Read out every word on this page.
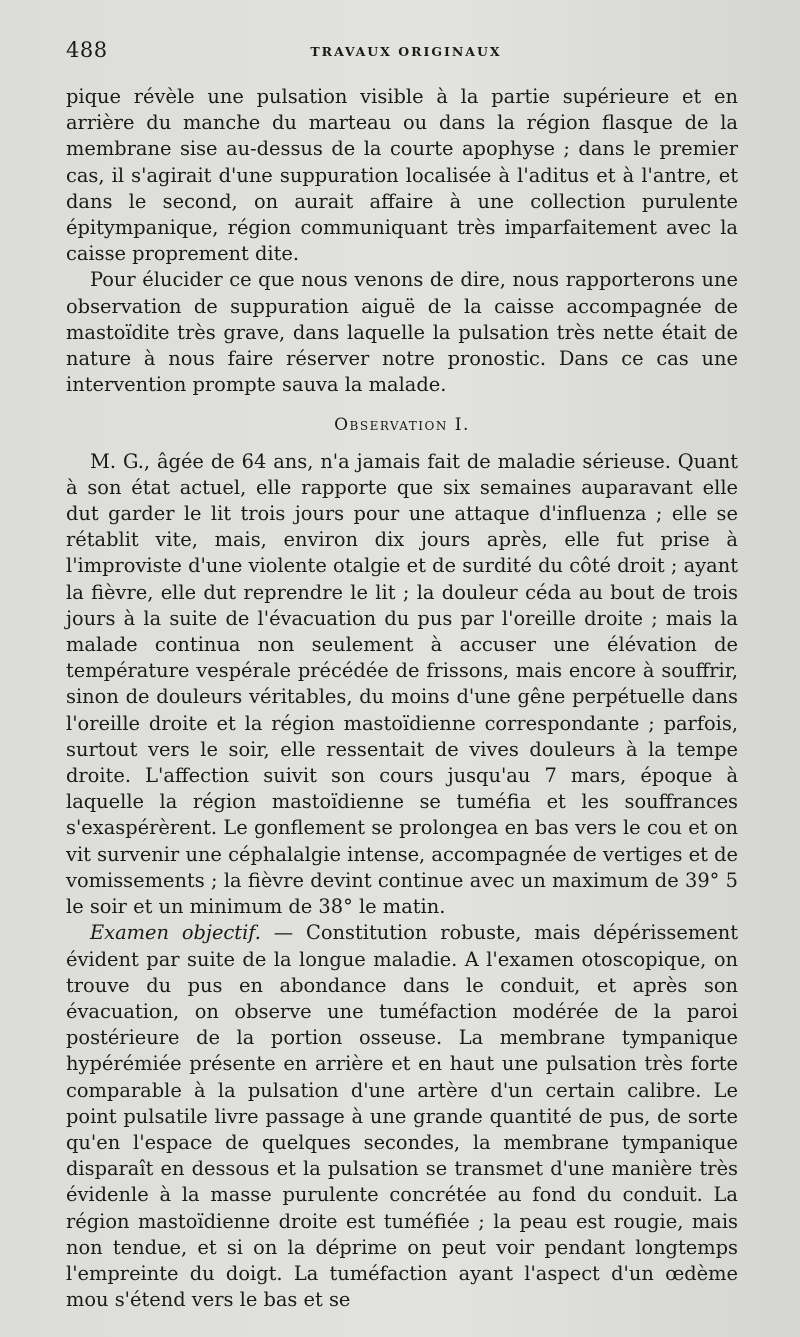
488	TRAVAUX ORIGINAUX

pique révèle une pulsation visible à la partie supérieure et en arrière du manche du marteau ou dans la région flasque de la membrane sise au-dessus de la courte apophyse ; dans le premier cas, il s'agirait d'une suppuration localisée à l'aditus et à l'antre, et dans le second, on aurait affaire à une collection purulente épitympanique, région communiquant très imparfaitement avec la caisse proprement dite.

Pour élucider ce que nous venons de dire, nous rapporterons une observation de suppuration aiguë de la caisse accompagnée de mastoïdite très grave, dans laquelle la pulsation très nette était de nature à nous faire réserver notre pronostic. Dans ce cas une intervention prompte sauva la malade.

Observation I.

M. G., âgée de 64 ans, n'a jamais fait de maladie sérieuse. Quant à son état actuel, elle rapporte que six semaines auparavant elle dut garder le lit trois jours pour une attaque d'influenza ; elle se rétablit vite, mais, environ dix jours après, elle fut prise à l'improviste d'une violente otalgie et de surdité du côté droit ; ayant la fièvre, elle dut reprendre le lit ; la douleur céda au bout de trois jours à la suite de l'évacuation du pus par l'oreille droite ; mais la malade continua non seulement à accuser une élévation de température vespérale précédée de frissons, mais encore à souffrir, sinon de douleurs véritables, du moins d'une gêne perpétuelle dans l'oreille droite et la région mastoïdienne correspondante ; parfois, surtout vers le soir, elle ressentait de vives douleurs à la tempe droite. L'affection suivit son cours jusqu'au 7 mars, époque à laquelle la région mastoïdienne se tuméfia et les souffrances s'exaspérèrent. Le gonflement se prolongea en bas vers le cou et on vit survenir une céphalalgie intense, accompagnée de vertiges et de vomissements ; la fièvre devint continue avec un maximum de 39° 5 le soir et un minimum de 38° le matin.

Examen objectif. — Constitution robuste, mais dépérissement évident par suite de la longue maladie. A l'examen otoscopique, on trouve du pus en abondance dans le conduit, et après son évacuation, on observe une tuméfaction modérée de la paroi postérieure de la portion osseuse. La membrane tympanique hypérémiée présente en arrière et en haut une pulsation très forte comparable à la pulsation d'une artère d'un certain calibre. Le point pulsatile livre passage à une grande quantité de pus, de sorte qu'en l'espace de quelques secondes, la membrane tympanique disparaît en dessous et la pulsation se transmet d'une manière très évidenle à la masse purulente concrétée au fond du conduit. La région mastoïdienne droite est tuméfiée ; la peau est rougie, mais non tendue, et si on la déprime on peut voir pendant longtemps l'empreinte du doigt. La tuméfaction ayant l'aspect d'un œdème mou s'étend vers le bas et se
